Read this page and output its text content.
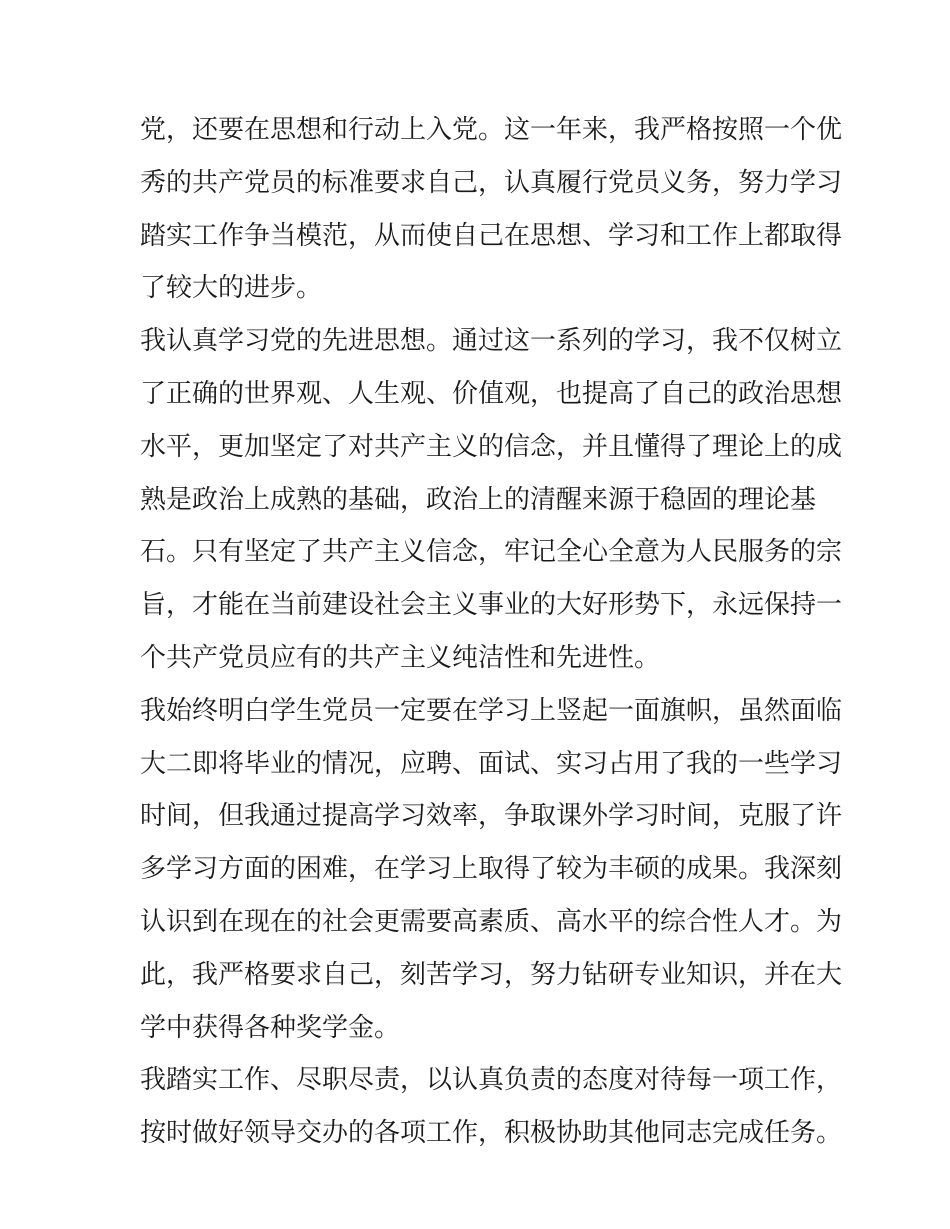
党，还要在思想和行动上入党。这一年来，我严格按照一个优
秀的共产党员的标准要求自己，认真履行党员义务，努力学习
踏实工作争当模范，从而使自己在思想、学习和工作上都取得
了较大的进步。
我认真学习党的先进思想。通过这一系列的学习，我不仅树立
了正确的世界观、人生观、价值观，也提高了自己的政治思想
水平，更加坚定了对共产主义的信念，并且懂得了理论上的成
熟是政治上成熟的基础，政治上的清醒来源于稳固的理论基
石。只有坚定了共产主义信念，牢记全心全意为人民服务的宗
旨，才能在当前建设社会主义事业的大好形势下，永远保持一
个共产党员应有的共产主义纯洁性和先进性。
我始终明白学生党员一定要在学习上竖起一面旗帜，虽然面临
大二即将毕业的情况，应聘、面试、实习占用了我的一些学习
时间，但我通过提高学习效率，争取课外学习时间，克服了许
多学习方面的困难，在学习上取得了较为丰硕的成果。我深刻
认识到在现在的社会更需要高素质、高水平的综合性人才。为
此，我严格要求自己，刻苦学习，努力钻研专业知识，并在大
学中获得各种奖学金。
我踏实工作、尽职尽责，以认真负责的态度对待每一项工作，
按时做好领导交办的各项工作，积极协助其他同志完成任务。
